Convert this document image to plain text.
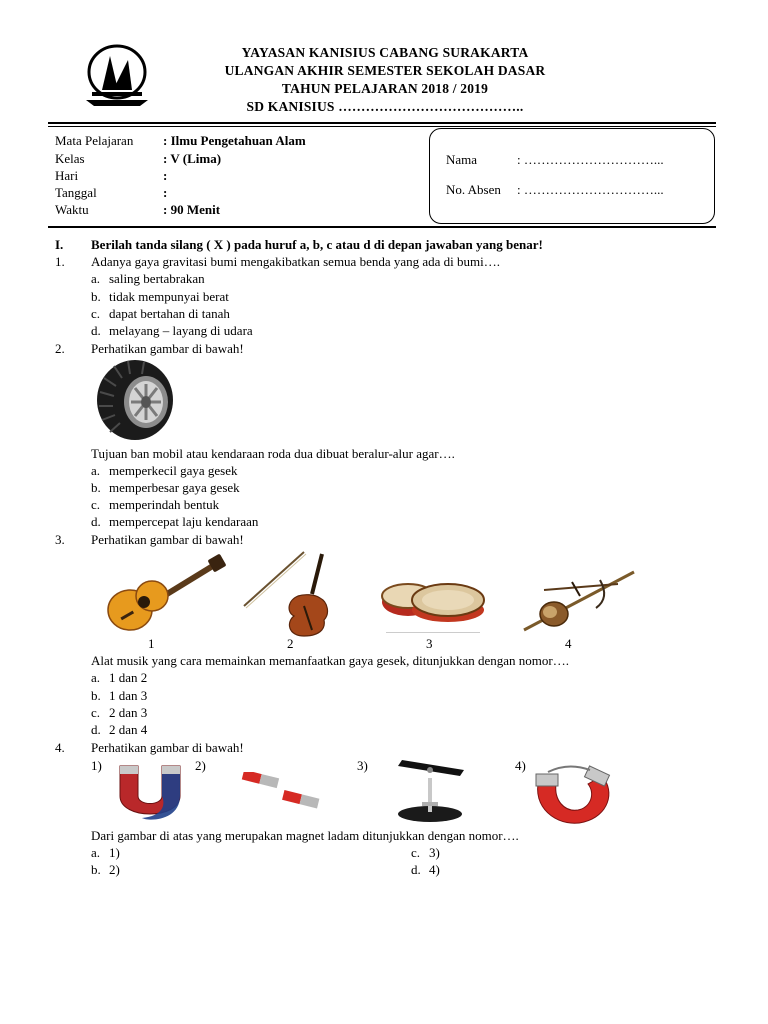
YAYASAN KANISIUS CABANG SURAKARTA
ULANGAN AKHIR SEMESTER SEKOLAH DASAR
TAHUN PELAJARAN 2018 / 2019
SD KANISIUS …………………………………..
Mata Pelajaran : Ilmu Pengetahuan Alam
Kelas	: V (Lima)
Hari	:
Tanggal	:
Waktu	: 90 Menit
Nama	: …………………………...
No. Absen : …………………………...
I. Berilah tanda silang ( X ) pada huruf a, b, c atau d di depan jawaban yang benar!
1. Adanya gaya gravitasi bumi mengakibatkan semua benda yang ada di bumi….
a. saling bertabrakan
b. tidak mempunyai berat
c. dapat bertahan di tanah
d. melayang – layang di udara
2. Perhatikan gambar di bawah!
Tujuan ban mobil atau kendaraan roda dua dibuat beralur-alur agar….
a. memperkecil gaya gesek
b. memperbesar gaya gesek
c. memperindah bentuk
d. mempercepat laju kendaraan
3. Perhatikan gambar di bawah!
1	2	3	4
Alat musik yang cara memainkan memanfaatkan gaya gesek, ditunjukkan dengan nomor….
a. 1 dan 2
b. 1 dan 3
c. 2 dan 3
d. 2 dan 4
4. Perhatikan gambar di bawah!
1)	2)	3)	4)
Dari gambar di atas yang merupakan magnet ladam ditunjukkan dengan nomor….
a. 1)
b. 2)
c. 3)
d. 4)
